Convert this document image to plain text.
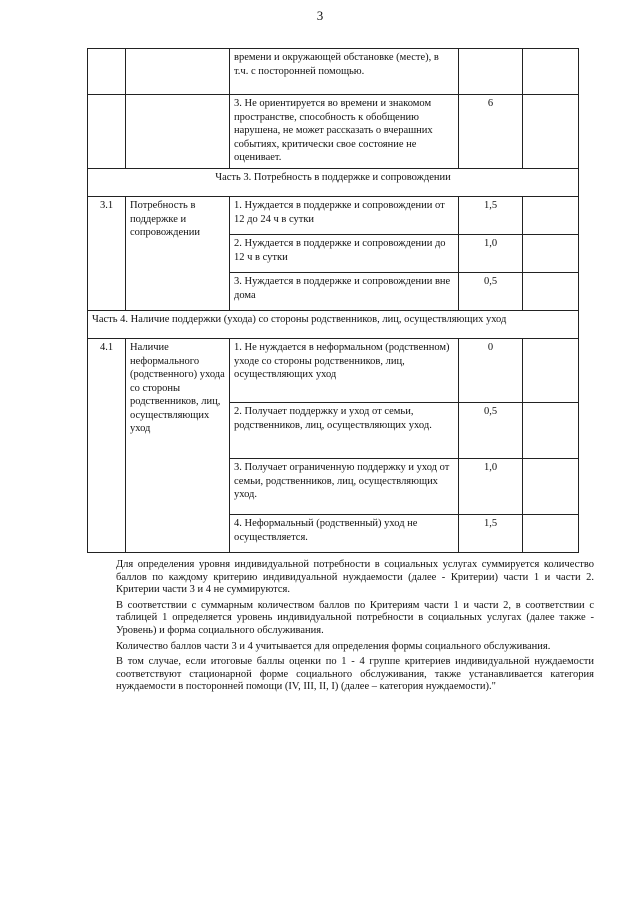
3
		времени и окружающей обстановке (месте), в т.ч. с посторонней помощью.		
		3. Не ориентируется во времени и знакомом пространстве, способность к обобщению нарушена, не может рассказать о вчерашних событиях, критически свое состояние не оценивает.	6	
Часть 3. Потребность в поддержке и сопровождении				
3.1	Потребность в поддержке и сопровождении	1. Нуждается в поддержке и сопровождении от 12 до 24 ч в сутки	1,5	
		2. Нуждается в поддержке и сопровождении до 12 ч в сутки	1,0	
		3. Нуждается в поддержке и сопровождении вне дома	0,5	
Часть 4. Наличие поддержки (ухода) со стороны родственников, лиц, осуществляющих уход				
4.1	Наличие неформального (родственного) ухода со стороны родственников, лиц, осуществляющих уход	1. Не нуждается в неформальном (родственном) уходе со стороны родственников, лиц, осуществляющих уход	0	
		2. Получает поддержку и уход от семьи, родственников, лиц, осуществляющих уход.	0,5	
		3. Получает ограниченную поддержку и уход от семьи, родственников, лиц, осуществляющих уход.	1,0	
		4. Неформальный (родственный) уход не осуществляется.	1,5	

Для определения уровня индивидуальной потребности в социальных услугах суммируется количество баллов по каждому критерию индивидуальной нуждаемости (далее - Критерии) части 1 и части 2. Критерии части 3 и 4 не суммируются.

В соответствии с суммарным количеством баллов по Критериям части 1 и части 2, в соответствии с таблицей 1 определяется уровень индивидуальной потребности в социальных услугах (далее также - Уровень) и форма социального обслуживания.

Количество баллов части 3 и 4 учитывается для определения формы социального обслуживания.

В том случае, если итоговые баллы оценки по 1 - 4 группе критериев индивидуальной нуждаемости соответствуют стационарной форме социального обслуживания, также устанавливается категория нуждаемости в посторонней помощи (IV, III, II, I) (далее – категория нуждаемости)."
